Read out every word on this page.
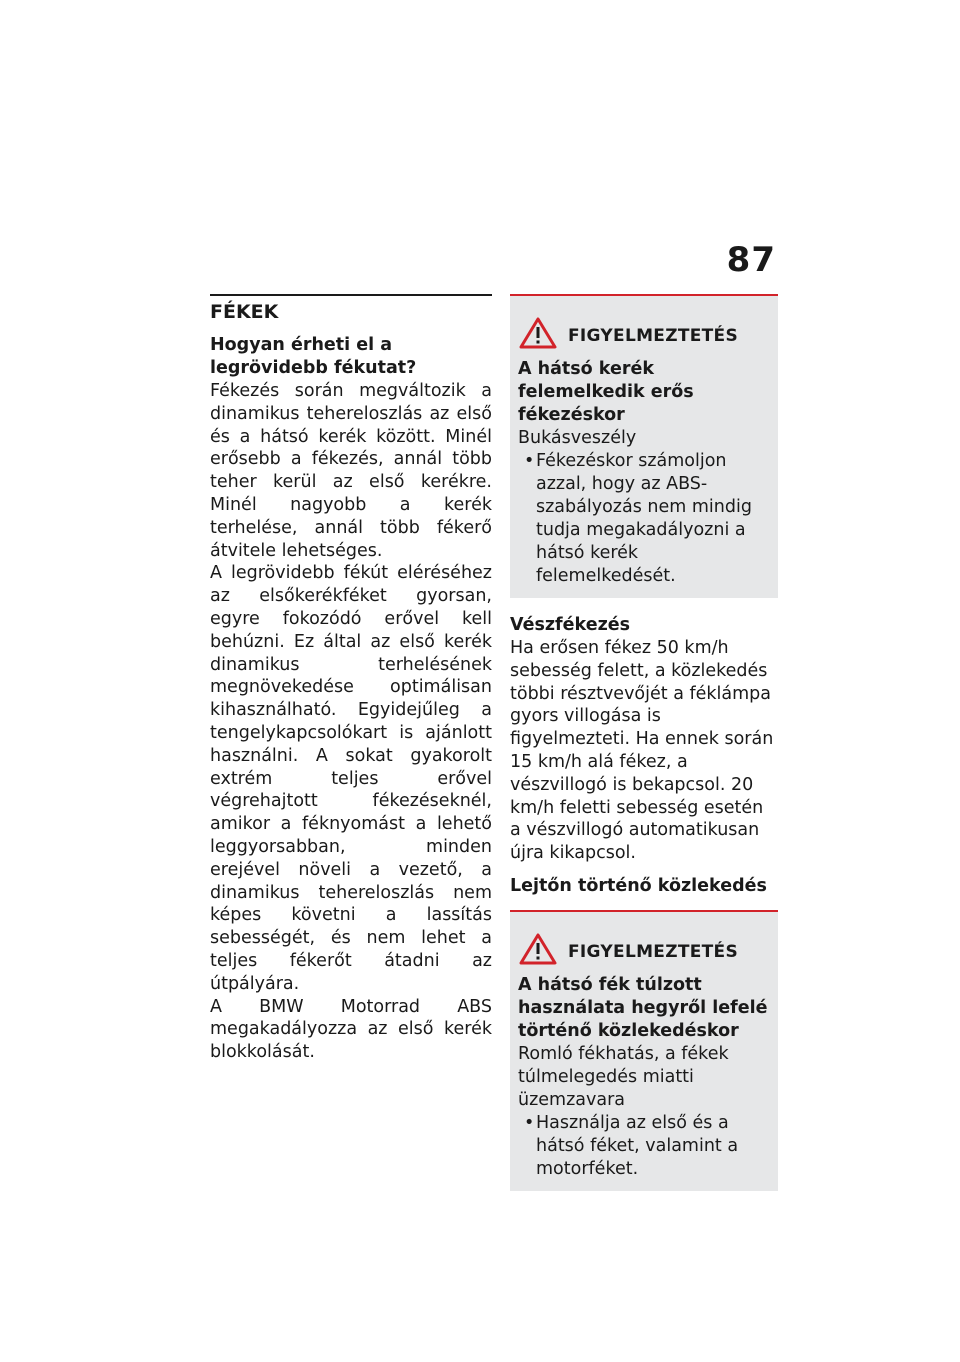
87
FÉKEK
Hogyan érheti el a legrövidebb fékutat?

Fékezés során megváltozik a dinamikus tehereloszlás az első és a hátsó kerék között. Minél erősebb a fékezés, annál több teher kerül az első kerékre. Minél nagyobb a kerék terhelése, annál több fékerő átvitele lehetséges.

A legrövidebb fékút eléréséhez az elsőkerékféket gyorsan, egyre fokozódó erővel kell behúzni. Ez által az első kerék dinamikus terhelésének megnövekedése optimálisan kihasználható. Egyidejűleg a tengelykapcsolókart is ajánlott használni. A sokat gyakorolt extrém teljes erővel végrehajtott fékezéseknél, amikor a féknyomást a lehető leggyorsabban, minden erejével növeli a vezető, a dinamikus tehereloszlás nem képes követni a lassítás sebességét, és nem lehet a teljes fékerőt átadni az útpályára.

A BMW Motorrad ABS megakadályozza az első kerék blokkolását.

FIGYELMEZTETÉS

A hátsó kerék felemelkedik erős fékezéskor

Bukásveszély

•Fékezéskor számoljon azzal, hogy az ABS-szabályozás nem mindig tudja megakadályozni a hátsó kerék felemelkedését.
Vészfékezés

Ha erősen fékez 50 km/h sebesség felett, a közlekedés többi résztvevőjét a féklámpa gyors villogása is figyelmezteti. Ha ennek során 15 km/h alá fékez, a vészvillogó is bekapcsol. 20 km/h feletti sebesség esetén a vészvillogó automatikusan újra kikapcsol.

Lejtőn történő közlekedés
FIGYELMEZTETÉS

A hátsó fék túlzott használata hegyről lefelé történő közlekedéskor

Romló fékhatás, a fékek túlmelegedés miatti üzemzavara

•Használja az első és a hátsó féket, valamint a motorféket.
